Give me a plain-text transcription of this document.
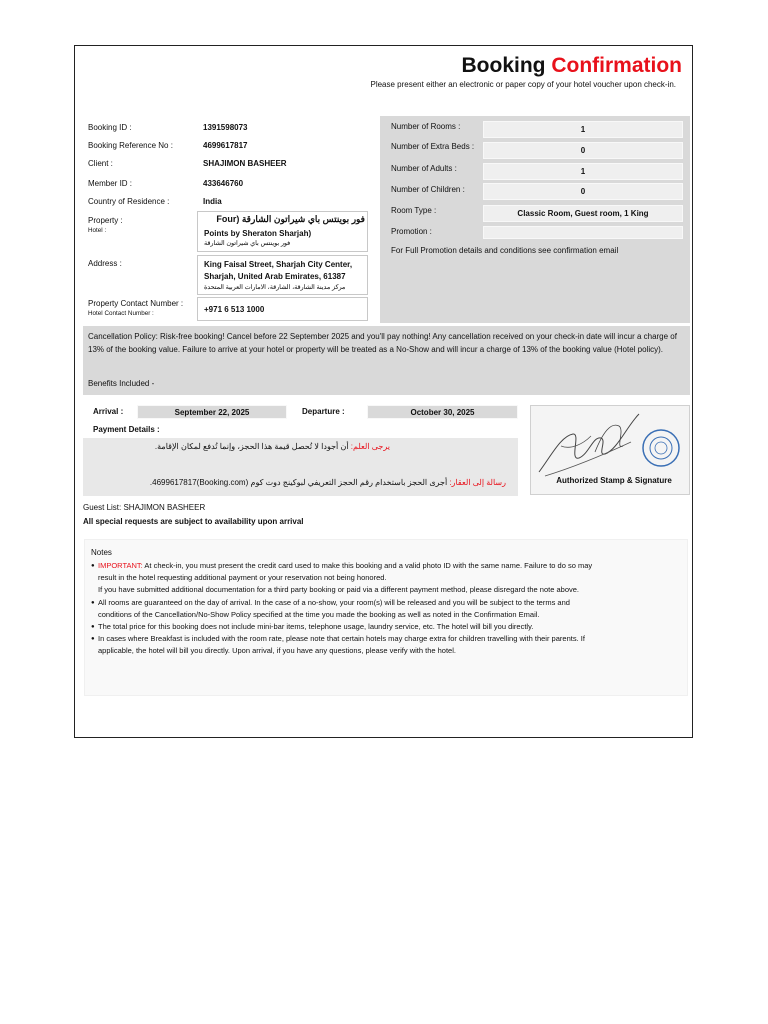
Booking Confirmation
Please present either an electronic or paper copy of your hotel voucher upon check-in.
Booking ID :	1391598073
Booking Reference No :	4699617817
Client :	SHAJIMON BASHEER
Member ID :	433646760
Country of Residence :	India
Property :
Hotel :
فور بوينتس باي شيراتون الشارقة (Four
Points by Sheraton Sharjah)
فور بوينتس باي شيراتون الشارقة
Address :	King Faisal Street, Sharjah City Center,
Sharjah, United Arab Emirates, 61387
مركز مدينة الشارقة، الشارقة، الامارات العربية المتحدة
Property Contact Number :
Hotel Contact Number :	+971 6 513 1000
Number of Rooms :	1
Number of Extra Beds :	0
Number of Adults :	1
Number of Children :	0
Room Type :	Classic Room, Guest room, 1 King
Promotion :
For Full Promotion details and conditions see confirmation email
Cancellation Policy: Risk-free booking! Cancel before 22 September 2025 and you'll pay nothing! Any cancellation received on your check-in date will incur a charge of 13% of the booking value. Failure to arrive at your hotel or property will be treated as a No-Show and will incur a charge of 13% of the booking value (Hotel policy).
Benefits Included -
Arrival :	September 22, 2025	Departure :	October 30, 2025
Payment Details :
يرجى العلم: أن أجودا لا تُحصل قيمة هذا الحجز، وإنما تُدفع لمكان الإقامة.
رسالة إلى العقار: أجرى الحجز باستخدام رقم الحجز التعريفي لبوكينج دوت كوم (Booking.com)4699617817.	Authorized Stamp & Signature
Guest List: SHAJIMON BASHEER
All special requests are subject to availability upon arrival
Notes
● IMPORTANT: At check-in, you must present the credit card used to make this booking and a valid photo ID with the same name. Failure to do so may result in the hotel requesting additional payment or your reservation not being honored.
If you have submitted additional documentation for a third party booking or paid via a different payment method, please disregard the note above.
● All rooms are guaranteed on the day of arrival. In the case of a no-show, your room(s) will be released and you will be subject to the terms and conditions of the Cancellation/No-Show Policy specified at the time you made the booking as well as noted in the Confirmation Email.
● The total price for this booking does not include mini-bar items, telephone usage, laundry service, etc. The hotel will bill you directly.
● In cases where Breakfast is included with the room rate, please note that certain hotels may charge extra for children travelling with their parents. If applicable, the hotel will bill you directly. Upon arrival, if you have any questions, please verify with the hotel.
